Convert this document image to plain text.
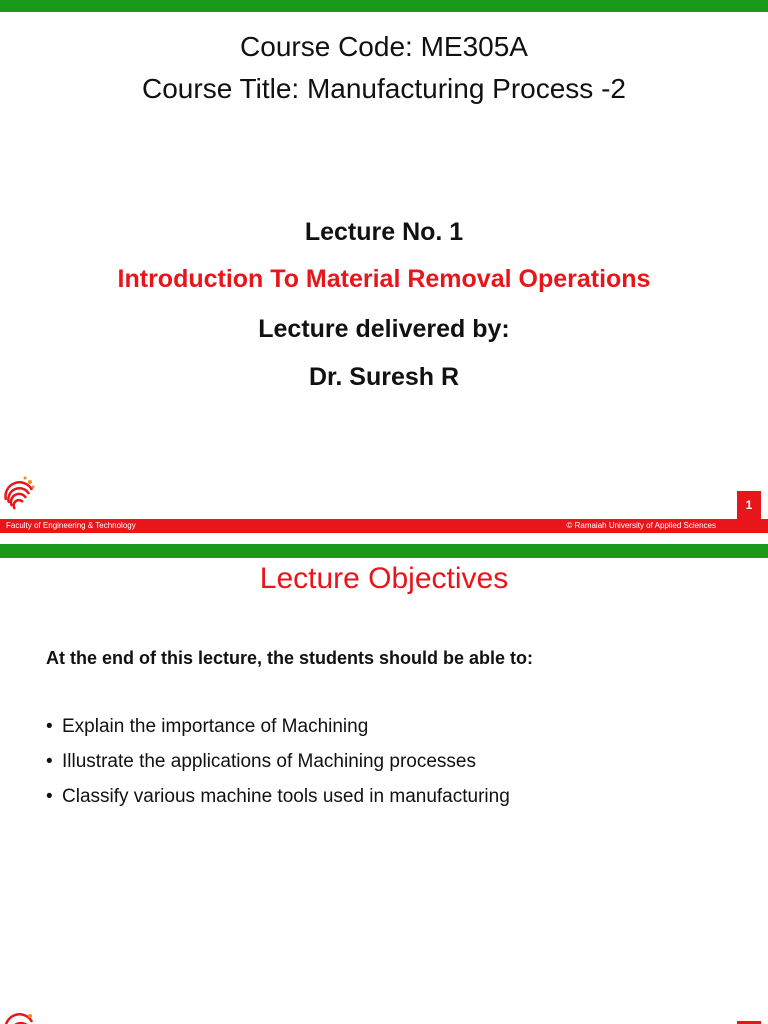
Course Code: ME305A
Course Title: Manufacturing Process -2
Lecture No. 1
Introduction To Material Removal Operations
Lecture delivered by:
Dr. Suresh R
1
Faculty of Engineering & Technology	© Ramaiah University of Applied Sciences
Lecture Objectives
At the end of this lecture, the students should be able to:
• Explain the importance of Machining
• Illustrate the applications of Machining processes
• Classify various machine tools used in manufacturing
